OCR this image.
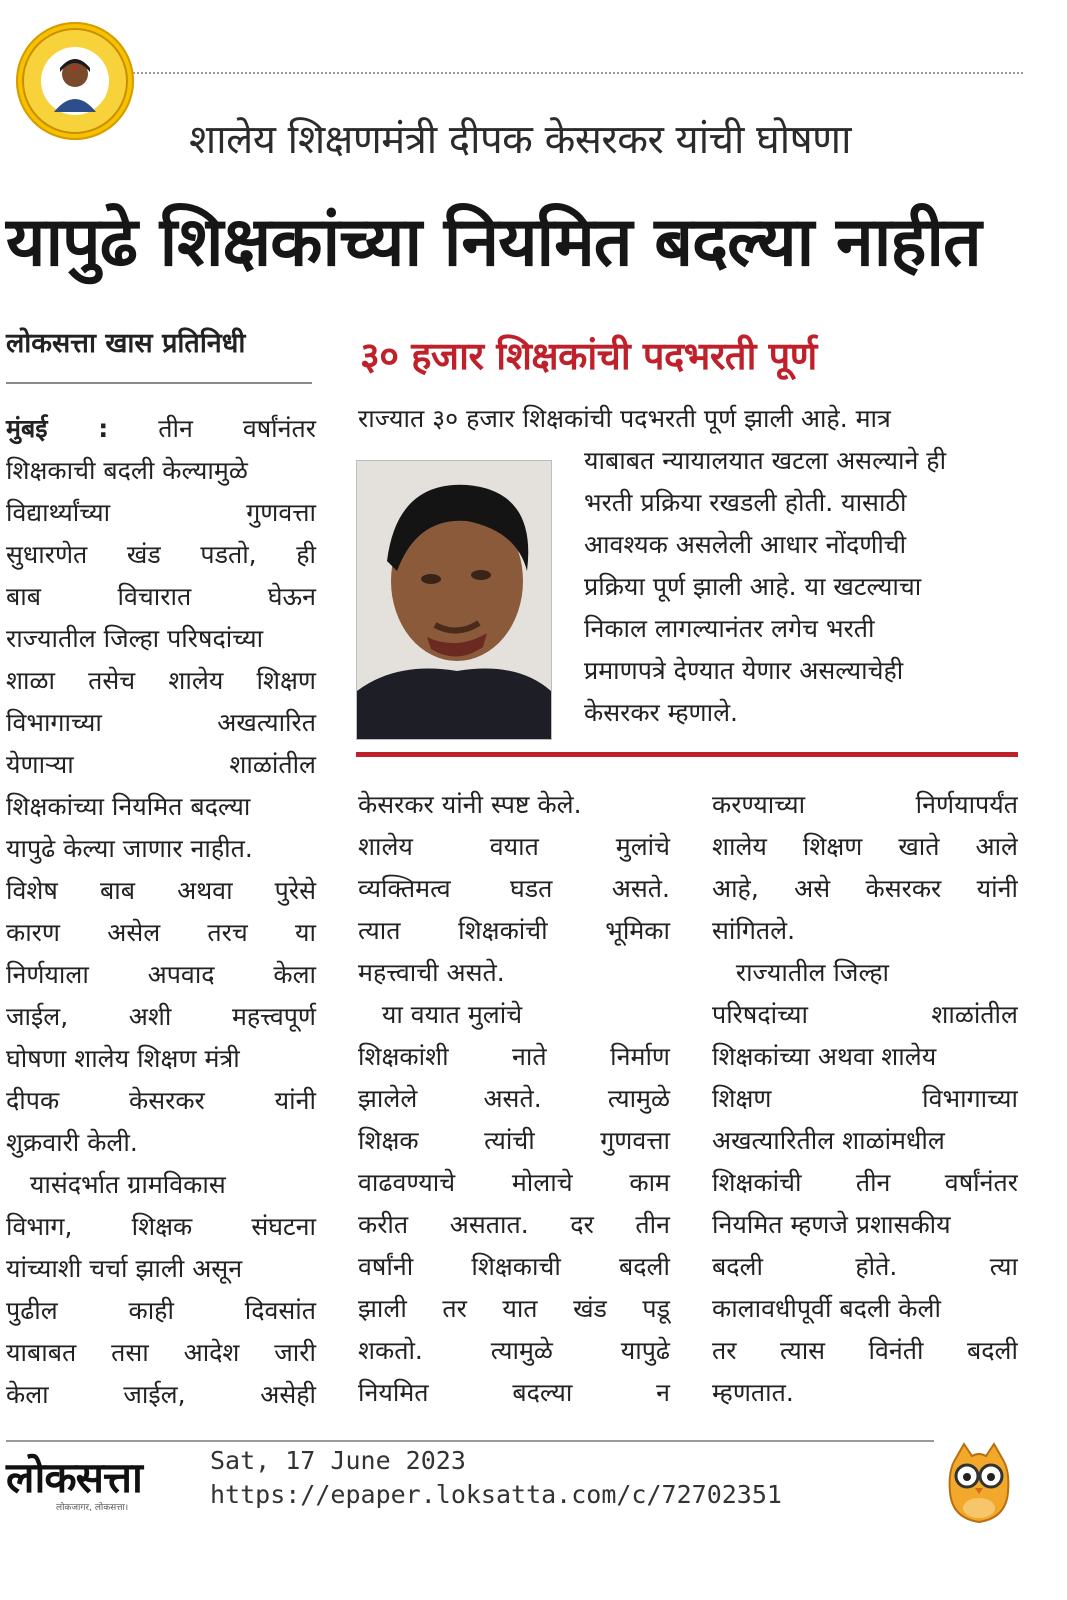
शालेय शिक्षणमंत्री दीपक केसरकर यांची घोषणा
यापुढे शिक्षकांच्या नियमित बदल्या नाहीत
लोकसत्ता खास प्रतिनिधी	३० हजार शिक्षकांची पदभरती पूर्ण
राज्यात ३० हजार शिक्षकांची पदभरती पूर्ण झाली आहे. मात्र
याबाबत न्यायालयात खटला असल्याने ही
भरती प्रक्रिया रखडली होती. यासाठी
आवश्यक असलेली आधार नोंदणीची
प्रक्रिया पूर्ण झाली आहे. या खटल्याचा
निकाल लागल्यानंतर लगेच भरती
प्रमाणपत्रे देण्यात येणार असल्याचेही
केसरकर म्हणाले.
मुंबई : तीन वर्षांनंतर
शिक्षकाची बदली केल्यामुळे
विद्यार्थ्यांच्या गुणवत्ता
सुधारणेत खंड पडतो, ही
बाब विचारात घेऊन
राज्यातील जिल्हा परिषदांच्या
शाळा तसेच शालेय शिक्षण
विभागाच्या अखत्यारित
येणाऱ्या शाळांतील
शिक्षकांच्या नियमित बदल्या
यापुढे केल्या जाणार नाहीत.
विशेष बाब अथवा पुरेसे
कारण असेल तरच या
निर्णयाला अपवाद केला
जाईल, अशी महत्त्वपूर्ण
घोषणा शालेय शिक्षण मंत्री
दीपक केसरकर यांनी
शुक्रवारी केली.
यासंदर्भात ग्रामविकास
विभाग, शिक्षक संघटना
यांच्याशी चर्चा झाली असून
पुढील काही दिवसांत
याबाबत तसा आदेश जारी
केला जाईल, असेही
केसरकर यांनी स्पष्ट केले.
शालेय वयात मुलांचे
व्यक्तिमत्व घडत असते.
त्यात शिक्षकांची भूमिका
महत्त्वाची असते.
या वयात मुलांचे
शिक्षकांशी नाते निर्माण
झालेले असते. त्यामुळे
शिक्षक त्यांची गुणवत्ता
वाढवण्याचे मोलाचे काम
करीत असतात. दर तीन
वर्षांनी शिक्षकाची बदली
झाली तर यात खंड पडू
शकतो. त्यामुळे यापुढे
नियमित बदल्या न
करण्याच्या निर्णयापर्यंत
शालेय शिक्षण खाते आले
आहे, असे केसरकर यांनी
सांगितले.
राज्यातील जिल्हा
परिषदांच्या शाळांतील
शिक्षकांच्या अथवा शालेय
शिक्षण विभागाच्या
अखत्यारितील शाळांमधील
शिक्षकांची तीन वर्षांनंतर
नियमित म्हणजे प्रशासकीय
बदली होते. त्या
कालावधीपूर्वी बदली केली
तर त्यास विनंती बदली
म्हणतात.
लोकसत्ता
लोकजागर, लोकसत्ता।
Sat, 17 June 2023
https://epaper.loksatta.com/c/72702351
